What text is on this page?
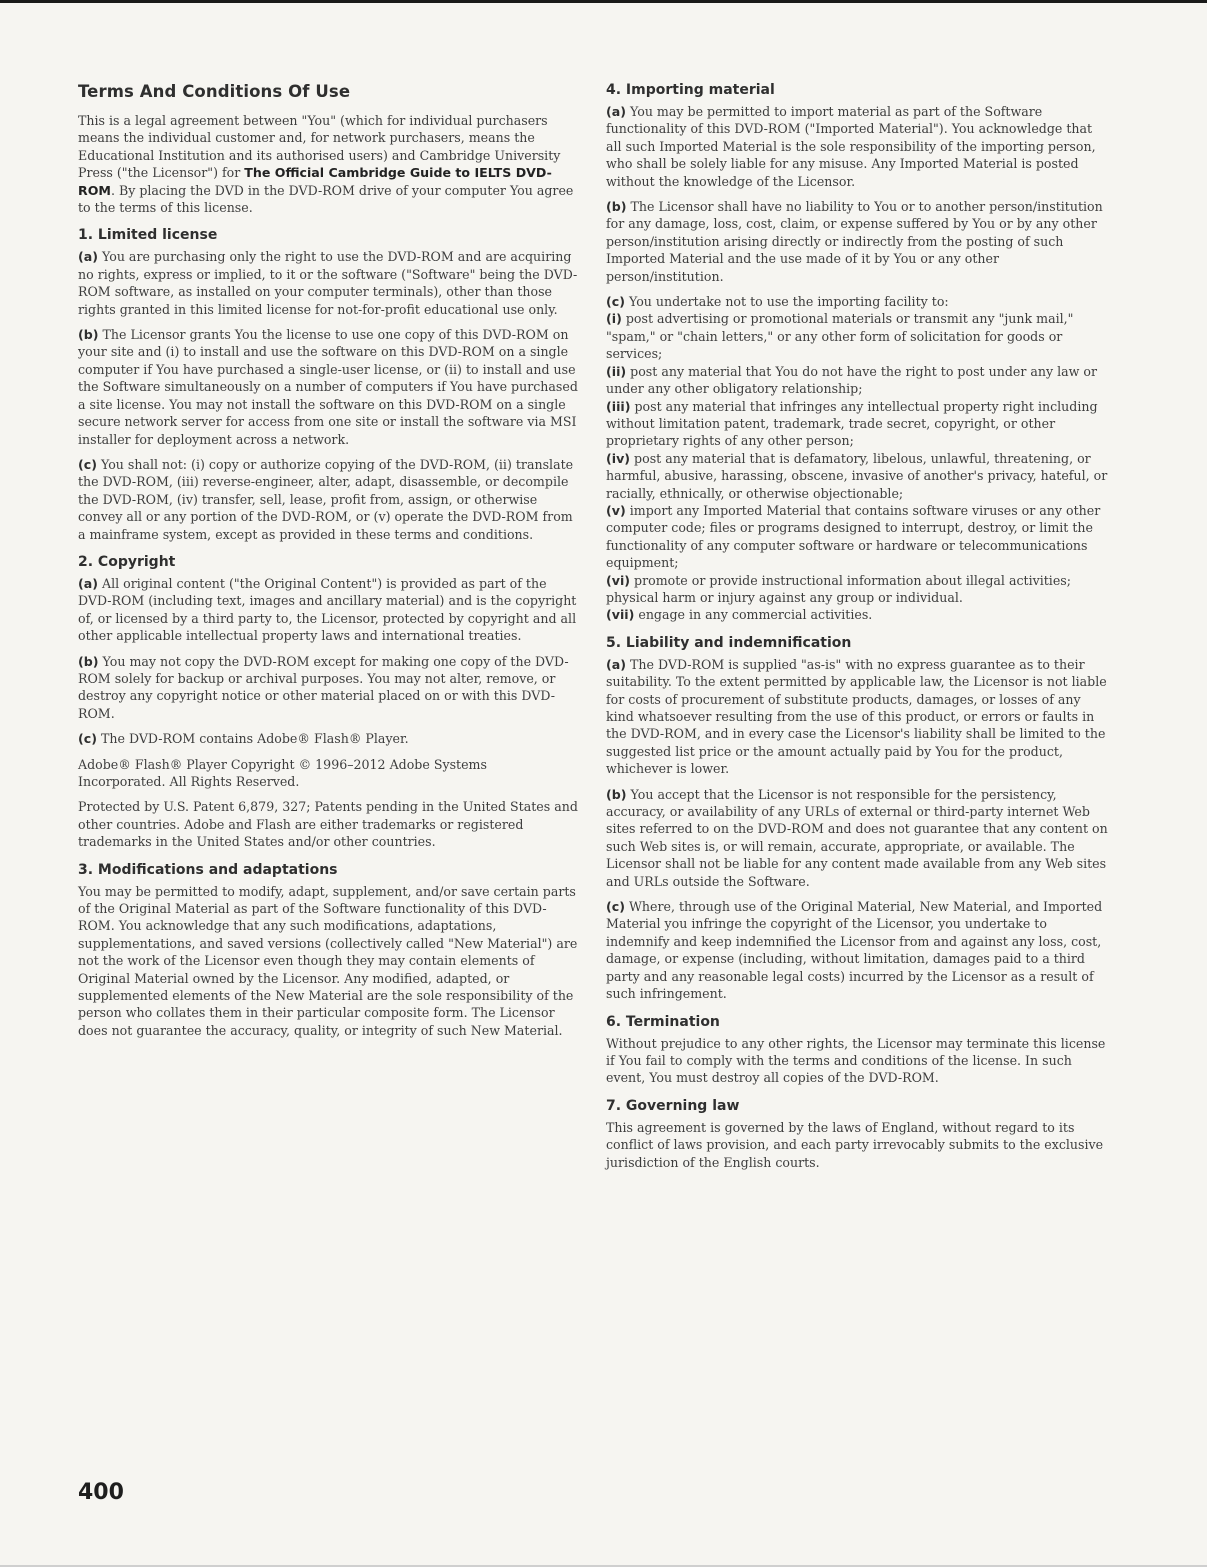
Terms And Conditions Of Use

This is a legal agreement between "You" (which for individual purchasers means the individual customer and, for network purchasers, means the Educational Institution and its authorised users) and Cambridge University Press ("the Licensor") for The Official Cambridge Guide to IELTS DVD-ROM. By placing the DVD in the DVD-ROM drive of your computer You agree to the terms of this license.

1. Limited license

(a) You are purchasing only the right to use the DVD-ROM and are acquiring no rights, express or implied, to it or the software ("Software" being the DVD-ROM software, as installed on your computer terminals), other than those rights granted in this limited license for not-for-profit educational use only.

(b) The Licensor grants You the license to use one copy of this DVD-ROM on your site and (i) to install and use the software on this DVD-ROM on a single computer if You have purchased a single-user license, or (ii) to install and use the Software simultaneously on a number of computers if You have purchased a site license. You may not install the software on this DVD-ROM on a single secure network server for access from one site or install the software via MSI installer for deployment across a network.

(c) You shall not: (i) copy or authorize copying of the DVD-ROM, (ii) translate the DVD-ROM, (iii) reverse-engineer, alter, adapt, disassemble, or decompile the DVD-ROM, (iv) transfer, sell, lease, profit from, assign, or otherwise convey all or any portion of the DVD-ROM, or (v) operate the DVD-ROM from a mainframe system, except as provided in these terms and conditions.

2. Copyright

(a) All original content ("the Original Content") is provided as part of the DVD-ROM (including text, images and ancillary material) and is the copyright of, or licensed by a third party to, the Licensor, protected by copyright and all other applicable intellectual property laws and international treaties.

(b) You may not copy the DVD-ROM except for making one copy of the DVD-ROM solely for backup or archival purposes. You may not alter, remove, or destroy any copyright notice or other material placed on or with this DVD-ROM.

(c) The DVD-ROM contains Adobe® Flash® Player.

Adobe® Flash® Player Copyright © 1996–2012 Adobe Systems Incorporated. All Rights Reserved.

Protected by U.S. Patent 6,879, 327; Patents pending in the United States and other countries. Adobe and Flash are either trademarks or registered trademarks in the United States and/or other countries.

3. Modifications and adaptations

You may be permitted to modify, adapt, supplement, and/or save certain parts of the Original Material as part of the Software functionality of this DVD-ROM. You acknowledge that any such modifications, adaptations, supplementations, and saved versions (collectively called "New Material") are not the work of the Licensor even though they may contain elements of Original Material owned by the Licensor. Any modified, adapted, or supplemented elements of the New Material are the sole responsibility of the person who collates them in their particular composite form. The Licensor does not guarantee the accuracy, quality, or integrity of such New Material.

4. Importing material

(a) You may be permitted to import material as part of the Software functionality of this DVD-ROM ("Imported Material"). You acknowledge that all such Imported Material is the sole responsibility of the importing person, who shall be solely liable for any misuse. Any Imported Material is posted without the knowledge of the Licensor.

(b) The Licensor shall have no liability to You or to another person/institution for any damage, loss, cost, claim, or expense suffered by You or by any other person/institution arising directly or indirectly from the posting of such Imported Material and the use made of it by You or any other person/institution.

(c) You undertake not to use the importing facility to:

(i) post advertising or promotional materials or transmit any "junk mail," "spam," or "chain letters," or any other form of solicitation for goods or services;

(ii) post any material that You do not have the right to post under any law or under any other obligatory relationship;

(iii) post any material that infringes any intellectual property right including without limitation patent, trademark, trade secret, copyright, or other proprietary rights of any other person;

(iv) post any material that is defamatory, libelous, unlawful, threatening, or harmful, abusive, harassing, obscene, invasive of another's privacy, hateful, or racially, ethnically, or otherwise objectionable;

(v) import any Imported Material that contains software viruses or any other computer code; files or programs designed to interrupt, destroy, or limit the functionality of any computer software or hardware or telecommunications equipment;

(vi) promote or provide instructional information about illegal activities; physical harm or injury against any group or individual.

(vii) engage in any commercial activities.

5. Liability and indemnification

(a) The DVD-ROM is supplied "as-is" with no express guarantee as to their suitability. To the extent permitted by applicable law, the Licensor is not liable for costs of procurement of substitute products, damages, or losses of any kind whatsoever resulting from the use of this product, or errors or faults in the DVD-ROM, and in every case the Licensor's liability shall be limited to the suggested list price or the amount actually paid by You for the product, whichever is lower.

(b) You accept that the Licensor is not responsible for the persistency, accuracy, or availability of any URLs of external or third-party internet Web sites referred to on the DVD-ROM and does not guarantee that any content on such Web sites is, or will remain, accurate, appropriate, or available. The Licensor shall not be liable for any content made available from any Web sites and URLs outside the Software.

(c) Where, through use of the Original Material, New Material, and Imported Material you infringe the copyright of the Licensor, you undertake to indemnify and keep indemnified the Licensor from and against any loss, cost, damage, or expense (including, without limitation, damages paid to a third party and any reasonable legal costs) incurred by the Licensor as a result of such infringement.

6. Termination

Without prejudice to any other rights, the Licensor may terminate this license if You fail to comply with the terms and conditions of the license. In such event, You must destroy all copies of the DVD-ROM.

7. Governing law

This agreement is governed by the laws of England, without regard to its conflict of laws provision, and each party irrevocably submits to the exclusive jurisdiction of the English courts.

400
